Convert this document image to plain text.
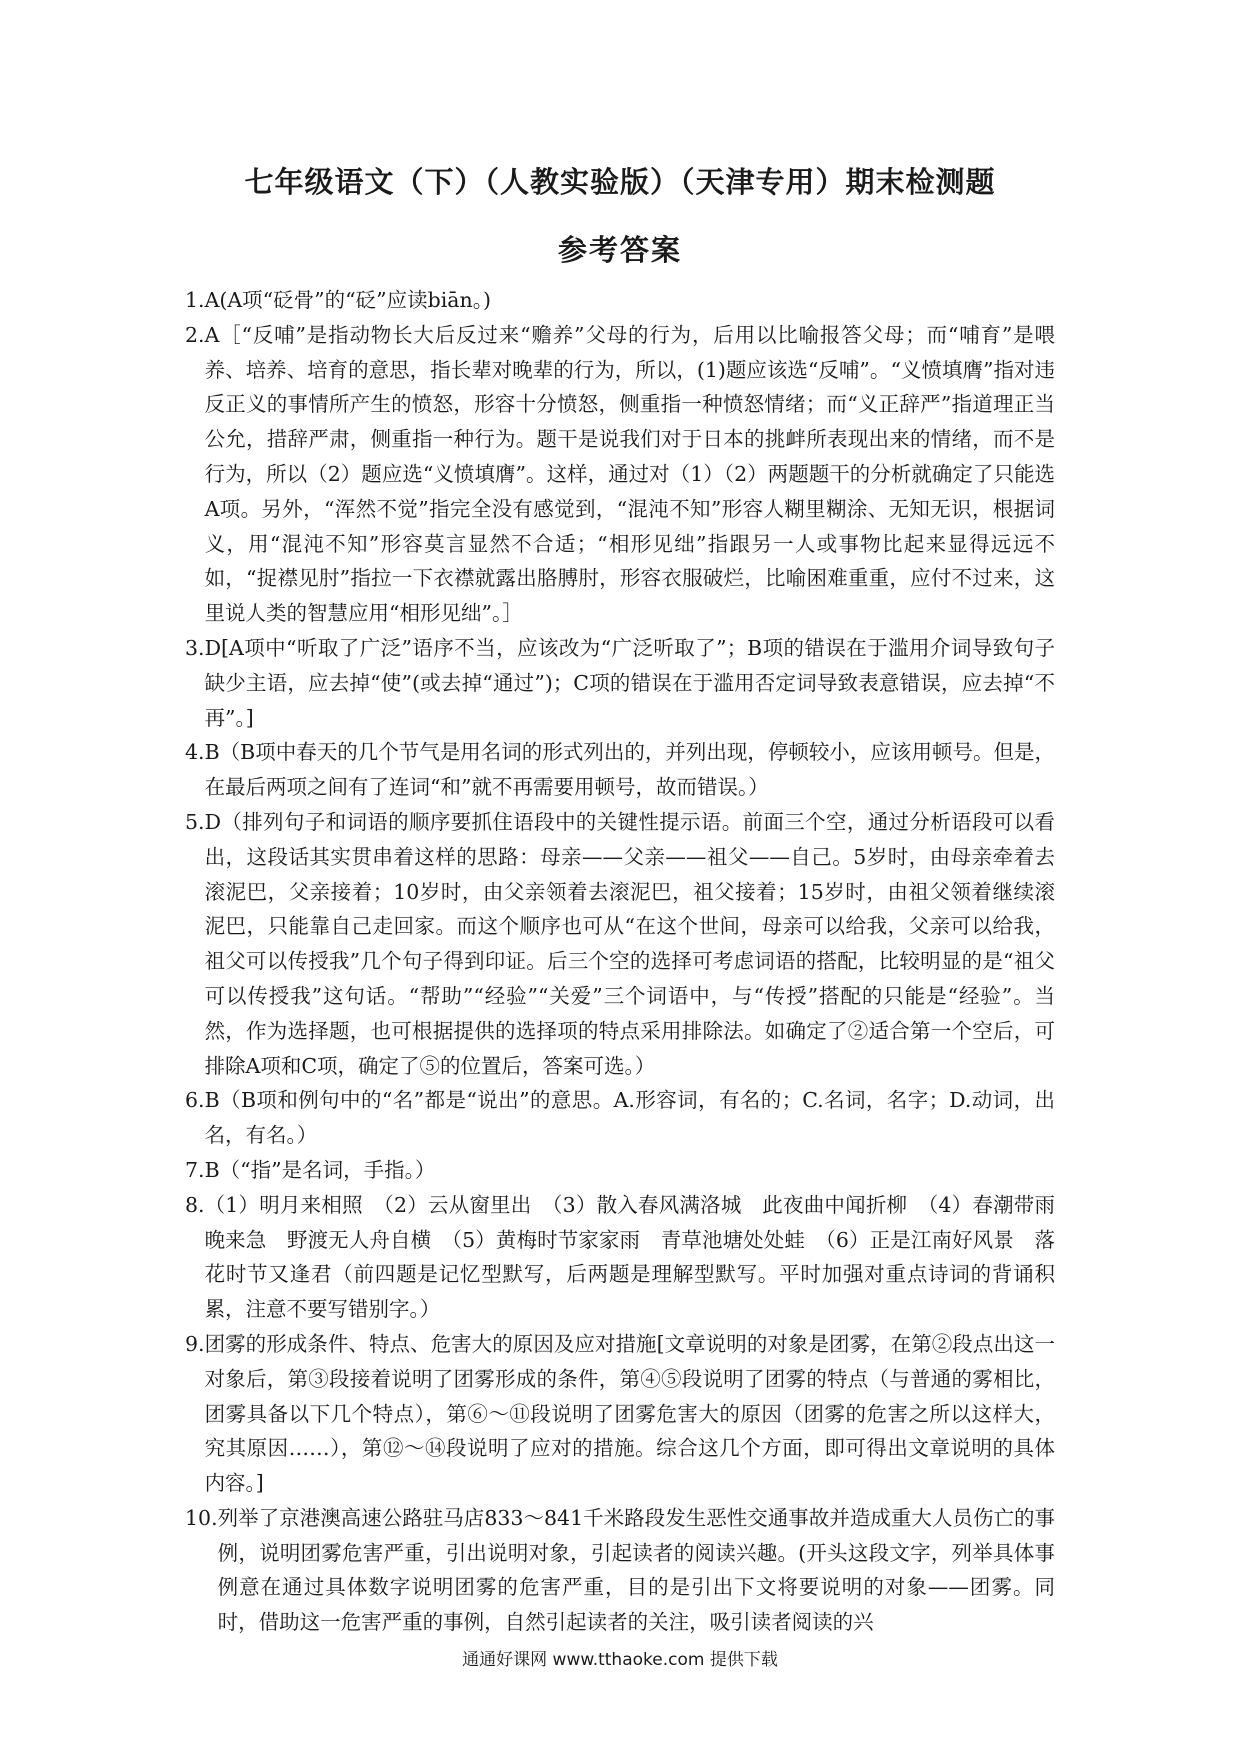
七年级语文（下）（人教实验版）（天津专用）期末检测题
参考答案
1. A(A项“砭骨”的“砭”应读biān。)
2. A［“反哺”是指动物长大后反过来“赡养”父母的行为，后用以比喻报答父母；而“哺育”是喂养、培养、培育的意思，指长辈对晚辈的行为，所以，(1)题应该选“反哺”。“义愤填膺”指对违反正义的事情所产生的愤怒，形容十分愤怒，侧重指一种愤怒情绪；而“义正辞严”指道理正当公允，措辞严肃，侧重指一种行为。题干是说我们对于日本的挑衅所表现出来的情绪，而不是行为，所以（2）题应选“义愤填膺”。这样，通过对（1）（2）两题题干的分析就确定了只能选A项。另外，“浑然不觉”指完全没有感觉到，“混沌不知”形容人糊里糊涂、无知无识，根据词义，用“混沌不知”形容莫言显然不合适；“相形见绌”指跟另一人或事物比起来显得远远不如，“捉襟见肘”指拉一下衣襟就露出胳膊肘，形容衣服破烂，比喻困难重重，应付不过来，这里说人类的智慧应用“相形见绌”。］
3. D[A项中“听取了广泛”语序不当，应该改为“广泛听取了”；B项的错误在于滥用介词导致句子缺少主语，应去掉“使”(或去掉“通过”)；C项的错误在于滥用否定词导致表意错误，应去掉“不再”。]
4. B（B项中春天的几个节气是用名词的形式列出的，并列出现，停顿较小，应该用顿号。但是，在最后两项之间有了连词“和”就不再需要用顿号，故而错误。）
5. D（排列句子和词语的顺序要抓住语段中的关键性提示语。前面三个空，通过分析语段可以看出，这段话其实贯串着这样的思路：母亲——父亲——祖父——自己。5岁时，由母亲牵着去滚泥巴，父亲接着；10岁时，由父亲领着去滚泥巴，祖父接着；15岁时，由祖父领着继续滚泥巴，只能靠自己走回家。而这个顺序也可从“在这个世间，母亲可以给我，父亲可以给我，祖父可以传授我”几个句子得到印证。后三个空的选择可考虑词语的搭配，比较明显的是“祖父可以传授我”这句话。“帮助”“经验”“关爱”三个词语中，与“传授”搭配的只能是“经验”。当然，作为选择题，也可根据提供的选择项的特点采用排除法。如确定了②适合第一个空后，可排除A项和C项，确定了⑤的位置后，答案可选。）
6. B（B项和例句中的“名”都是“说出”的意思。A.形容词，有名的；C.名词，名字；D.动词，出名，有名。）
7. B（“指”是名词，手指。）
8. （1）明月来相照　（2）云从窗里出　（3）散入春风满洛城　此夜曲中闻折柳　（4）春潮带雨晚来急　野渡无人舟自横　（5）黄梅时节家家雨　青草池塘处处蛙　（6）正是江南好风景　落花时节又逢君（前四题是记忆型默写，后两题是理解型默写。平时加强对重点诗词的背诵积累，注意不要写错别字。）
9. 团雾的形成条件、特点、危害大的原因及应对措施[文章说明的对象是团雾，在第②段点出这一对象后，第③段接着说明了团雾形成的条件，第④⑤段说明了团雾的特点（与普通的雾相比，团雾具备以下几个特点），第⑥～⑪段说明了团雾危害大的原因（团雾的危害之所以这样大，究其原因……），第⑫～⑭段说明了应对的措施。综合这几个方面，即可得出文章说明的具体内容。]
10. 列举了京港澳高速公路驻马店833～841千米路段发生恶性交通事故并造成重大人员伤亡的事例，说明团雾危害严重，引出说明对象，引起读者的阅读兴趣。(开头这段文字，列举具体事例意在通过具体数字说明团雾的危害严重，目的是引出下文将要说明的对象——团雾。同时，借助这一危害严重的事例，自然引起读者的关注，吸引读者阅读的兴
通通好课网 www.tthaoke.com 提供下载
